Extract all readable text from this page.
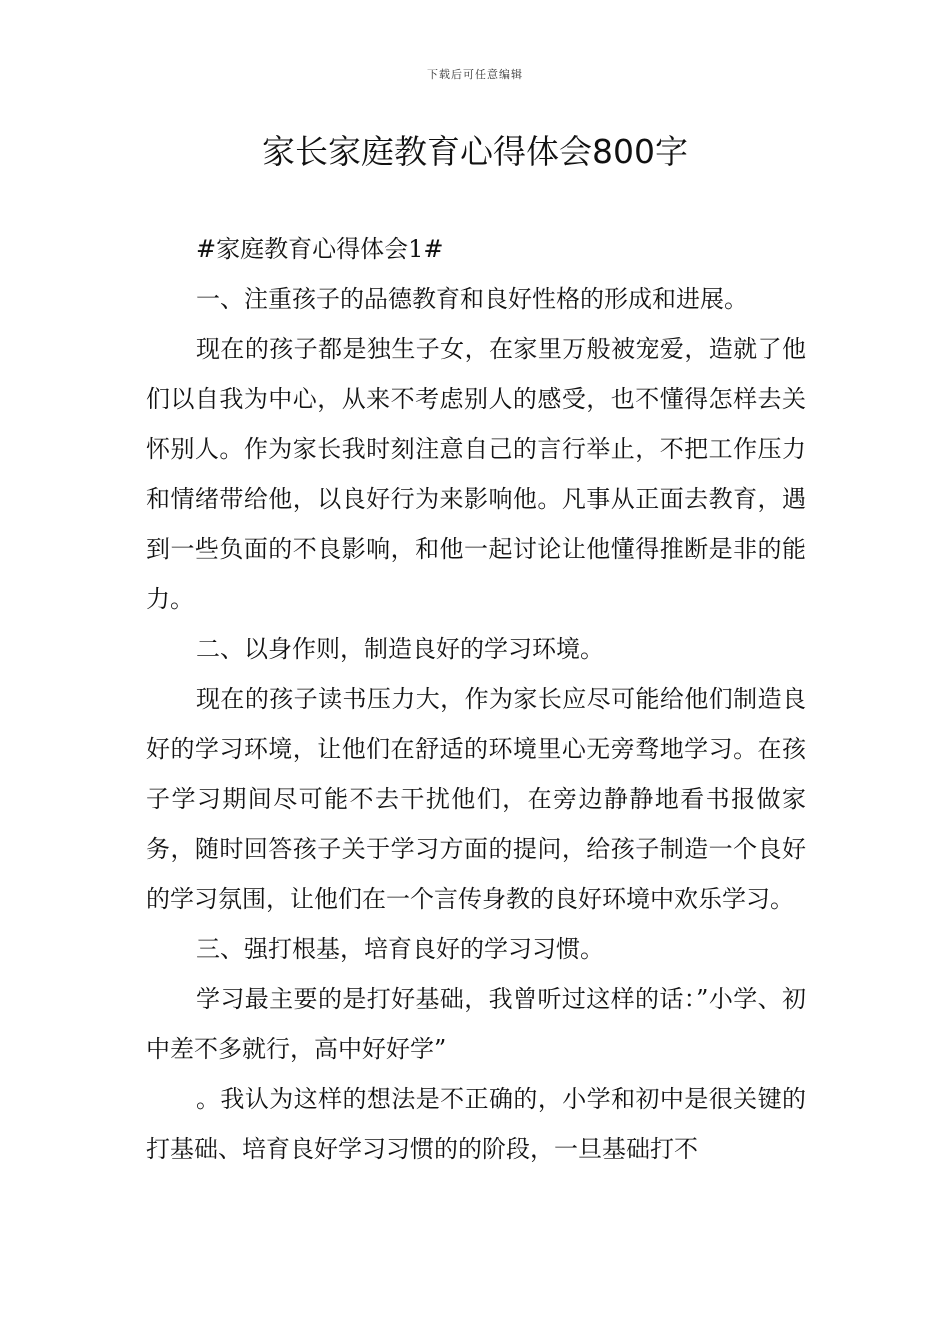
下载后可任意编辑
家长家庭教育心得体会800字

#家庭教育心得体会1#

一、注重孩子的品德教育和良好性格的形成和进展。

现在的孩子都是独生子女，在家里万般被宠爱，造就了他们以自我为中心，从来不考虑别人的感受，也不懂得怎样去关怀别人。作为家长我时刻注意自己的言行举止，不把工作压力和情绪带给他，以良好行为来影响他。凡事从正面去教育，遇到一些负面的不良影响，和他一起讨论让他懂得推断是非的能力。

二、以身作则，制造良好的学习环境。

现在的孩子读书压力大，作为家长应尽可能给他们制造良好的学习环境，让他们在舒适的环境里心无旁骛地学习。在孩子学习期间尽可能不去干扰他们，在旁边静静地看书报做家务，随时回答孩子关于学习方面的提问，给孩子制造一个良好的学习氛围，让他们在一个言传身教的良好环境中欢乐学习。

三、强打根基，培育良好的学习习惯。

学习最主要的是打好基础，我曾听过这样的话：”小学、初中差不多就行，高中好好学”

。我认为这样的想法是不正确的，小学和初中是很关键的打基础、培育良好学习习惯的的阶段，一旦基础打不
